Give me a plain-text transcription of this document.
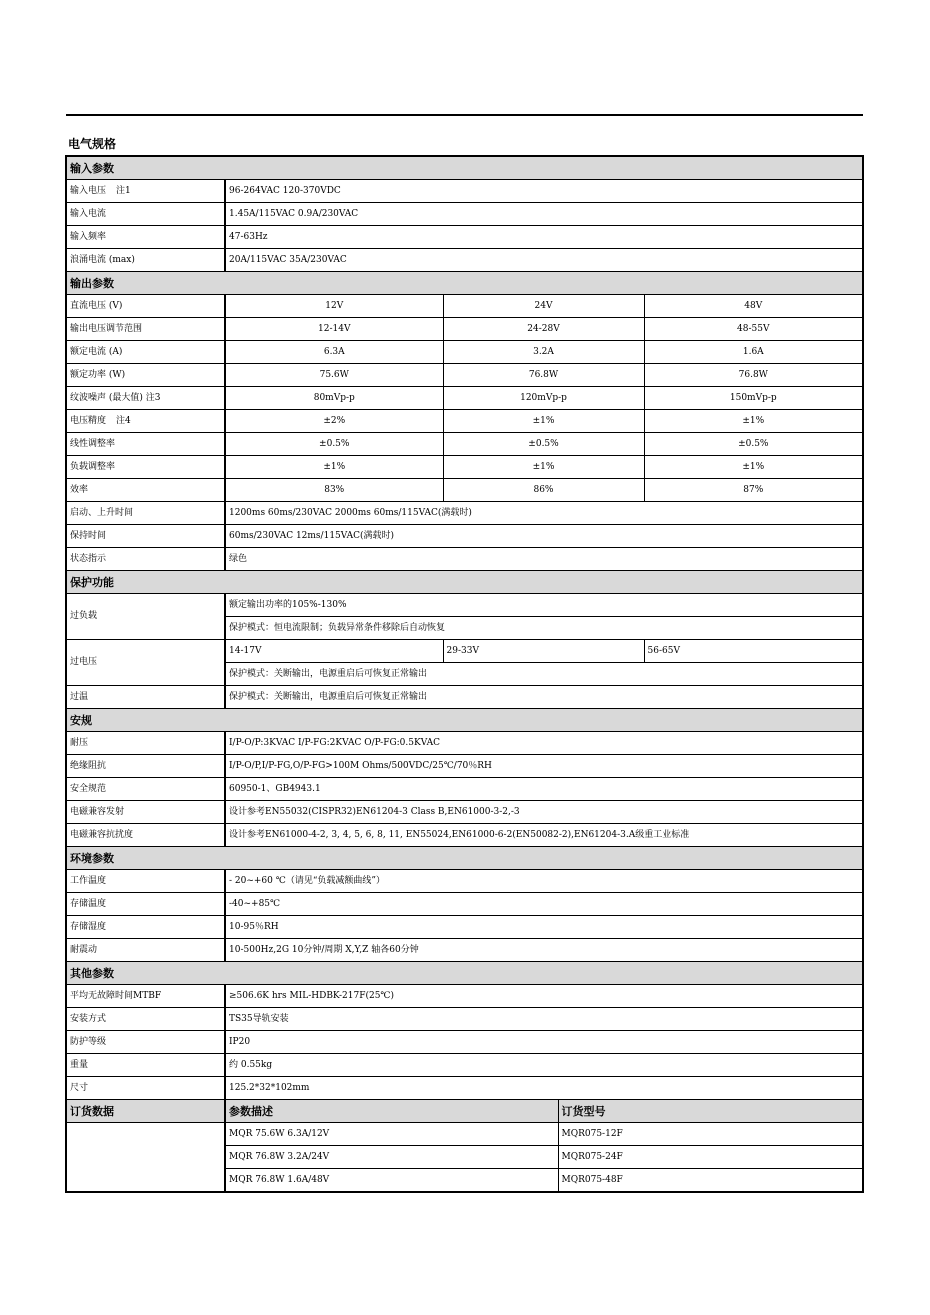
电气规格
输入参数				
输入电压 注1	96-264VAC 120-370VDC			
输入电流	1.45A/115VAC 0.9A/230VAC			
输入频率	47-63Hz			
浪涌电流 (max)	20A/115VAC 35A/230VAC			
输出参数				
直流电压 (V)	12V	24V		48V
输出电压调节范围	12-14V	24-28V		48-55V
额定电流 (A)	6.3A	3.2A		1.6A
额定功率 (W)	75.6W	76.8W		76.8W
纹波噪声 (最大值) 注3	80mVp-p	120mVp-p		150mVp-p
电压精度 注4	±2%	±1%		±1%
线性调整率	±0.5%	±0.5%		±0.5%
负载调整率	±1%	±1%		±1%
效率	83%	86%		87%
启动、上升时间	1200ms 60ms/230VAC 2000ms 60ms/115VAC(满载时)			
保持时间	60ms/230VAC 12ms/115VAC(满载时)			
状态指示	绿色			
保护功能				
过负载	额定输出功率的105%-130%			
	保护模式：恒电流限制；负载异常条件移除后自动恢复			
过电压	14-17V	29-33V		56-65V
	保护模式：关断输出，电源重启后可恢复正常输出			
过温	保护模式：关断输出，电源重启后可恢复正常输出			
安规				
耐压	I/P-O/P:3KVAC I/P-FG:2KVAC O/P-FG:0.5KVAC			
绝缘阻抗	I/P-O/P,I/P-FG,O/P-FG>100M Ohms/500VDC/25℃/70％RH			
安全规范	60950-1、GB4943.1			
电磁兼容发射	设计参考EN55032(CISPR32)EN61204-3 Class B,EN61000-3-2,-3			
电磁兼容抗扰度	设计参考EN61000-4-2, 3, 4, 5, 6, 8, 11, EN55024,EN61000-6-2(EN50082-2),EN61204-3.A级重工业标准			
环境参数				
工作温度	- 20~+60 ℃（请见“负载减额曲线”）			
存储温度	-40~+85℃			
存储湿度	10-95％RH			
耐震动	10-500Hz,2G 10分钟/周期 X,Y,Z 轴各60分钟			
其他参数				
平均无故障时间MTBF	≥506.6K hrs MIL-HDBK-217F(25℃)			
安装方式	TS35导轨安装			
防护等级	IP20			
重量	约 0.55kg			
尺寸	125.2*32*102mm			
订货数据	参数描述		订货型号	
	MQR 75.6W 6.3A/12V		MQR075-12F	
	MQR 76.8W 3.2A/24V		MQR075-24F	
	MQR 76.8W 1.6A/48V		MQR075-48F	
